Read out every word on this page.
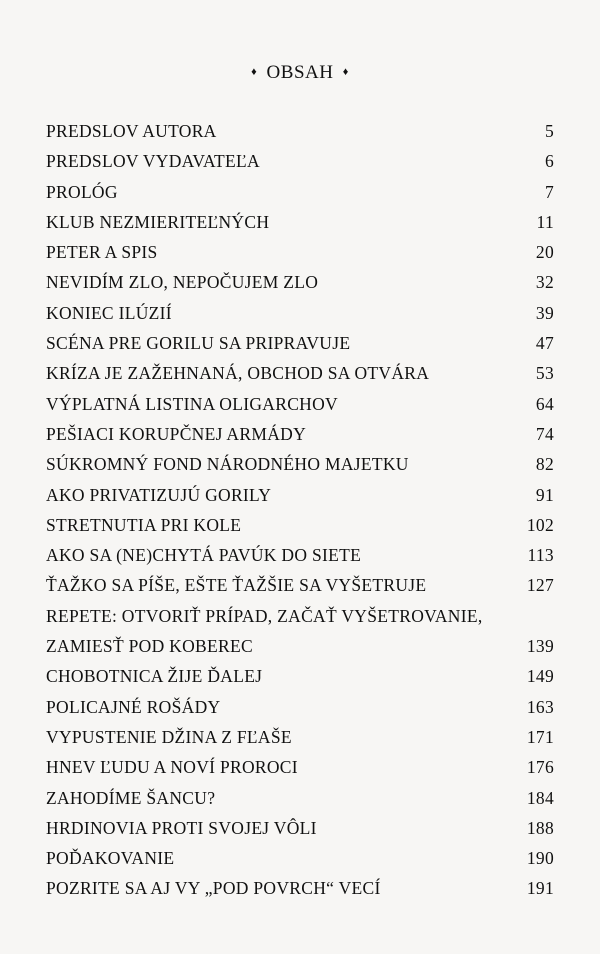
♦ OBSAH ♦
PREDSLOV AUTORA	5
PREDSLOV VYDAVATEĽA	6
PROLÓG	7
KLUB NEZMIERITEĽNÝCH	11
PETER A SPIS	20
NEVIDÍM ZLO, NEPOČUJEM ZLO	32
KONIEC ILÚZIÍ	39
SCÉNA PRE GORILU SA PRIPRAVUJE	47
KRÍZA JE ZAŽEHNANÁ, OBCHOD SA OTVÁRA	53
VÝPLATNÁ LISTINA OLIGARCHOV	64
PEŠIACI KORUPČNEJ ARMÁDY	74
SÚKROMNÝ FOND NÁRODNÉHO MAJETKU	82
AKO PRIVATIZUJÚ GORILY	91
STRETNUTIA PRI KOLE	102
AKO SA (NE)CHYTÁ PAVÚK DO SIETE	113
ŤAŽKO SA PÍŠE, EŠTE ŤAŽŠIE SA VYŠETRUJE	127
REPETE: OTVORIŤ PRÍPAD, ZAČAŤ VYŠETROVANIE,
ZAMIESŤ POD KOBEREC	139
CHOBOTNICA ŽIJE ĎALEJ	149
POLICAJNÉ ROŠÁDY	163
VYPUSTENIE DŽINA Z FĽAŠE	171
HNEV ĽUDU A NOVÍ PROROCI	176
ZAHODÍME ŠANCU?	184
HRDINOVIA PROTI SVOJEJ VÔLI	188
POĎAKOVANIE	190
POZRITE SA AJ VY „POD POVRCH“ VECÍ	191
